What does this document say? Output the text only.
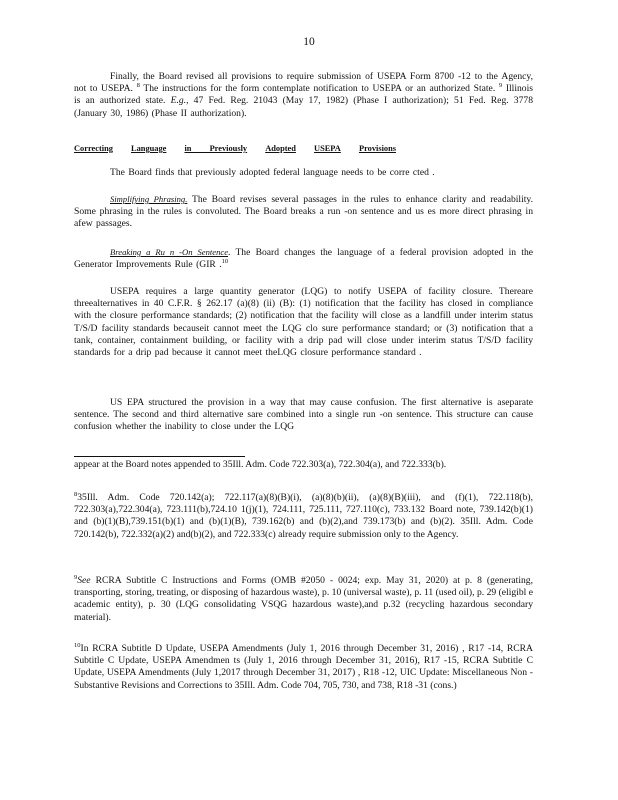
10
Finally, the Board revised all provisions to require submission of USEPA Form 8700 -12 to the Agency, not to USEPA. $^8$ The instructions for the form contemplate notification to USEPA or an authorized State. $^9$ Illinois is an authorized state. E.g., 47 Fed. Reg. 21043 (May 17, 1982) (Phase I authorization); 51 Fed. Reg. 3778 (January 30, 1986) (Phase II authorization).
Correcting Language in Previously Adopted USEPA Provisions
The Board finds that previously adopted federal language needs to be corre cted .
Simplifying Phrasing. The Board revises several passages in the rules to enhance clarity and readability. Some phrasing in the rules is convoluted. The Board breaks a run -on sentence and us es more direct phrasing in afew passages.
Breaking a Ru n -On Sentence. The Board changes the language of a federal provision adopted in the Generator Improvements Rule (GIR .$^{10}$
USEPA requires a large quantity generator (LQG) to notify USEPA of facility closure. Thereare threealternatives in 40 C.F.R. § 262.17 (a)(8) (ii) (B): (1) notification that the facility has closed in compliance with the closure performance standards; (2) notification that the facility will close as a landfill under interim status T/S/D facility standards becauseit cannot meet the LQG clo sure performance standard; or (3) notification that a tank, container, containment building, or facility with a drip pad will close under interim status T/S/D facility standards for a drip pad because it cannot meet theLQG closure performance standard .
US EPA structured the provision in a way that may cause confusion. The first alternative is aseparate sentence. The second and third alternative sare combined into a single run -on sentence. This structure can cause confusion whether the inability to close under the LQG
appear at the Board notes appended to 35Ill. Adm. Code 722.303(a), 722.304(a), and 722.333(b).
$^8$35Ill. Adm. Code 720.142(a); 722.117(a)(8)(B)(i), (a)(8)(b)(ii), (a)(8)(B)(iii), and (f)(1), 722.118(b), 722.303(a),722.304(a), 723.111(b),724.10 1(j)(1), 724.111, 725.111, 727.110(c), 733.132 Board note, 739.142(b)(1) and (b)(1)(B),739.151(b)(1) and (b)(1)(B), 739.162(b) and (b)(2),and 739.173(b) and (b)(2). 35Ill. Adm. Code 720.142(b), 722.332(a)(2) and(b)(2), and 722.333(c) already require submission only to the Agency.
$^9$See RCRA Subtitle C Instructions and Forms (OMB #2050 - 0024; exp. May 31, 2020) at p. 8 (generating, transporting, storing, treating, or disposing of hazardous waste), p. 10 (universal waste), p. 11 (used oil), p. 29 (eligibl e academic entity), p. 30 (LQG consolidating VSQG hazardous waste),and p.32 (recycling hazardous secondary material).
$^{10}$In RCRA Subtitle D Update, USEPA Amendments (July 1, 2016 through December 31, 2016) , R17 -14, RCRA Subtitle C Update, USEPA Amendmen ts (July 1, 2016 through December 31, 2016), R17 -15, RCRA Subtitle C Update, USEPA Amendments (July 1,2017 through December 31, 2017) , R18 -12, UIC Update: Miscellaneous Non - Substantive Revisions and Corrections to 35Ill. Adm. Code 704, 705, 730, and 738, R18 -31 (cons.)
